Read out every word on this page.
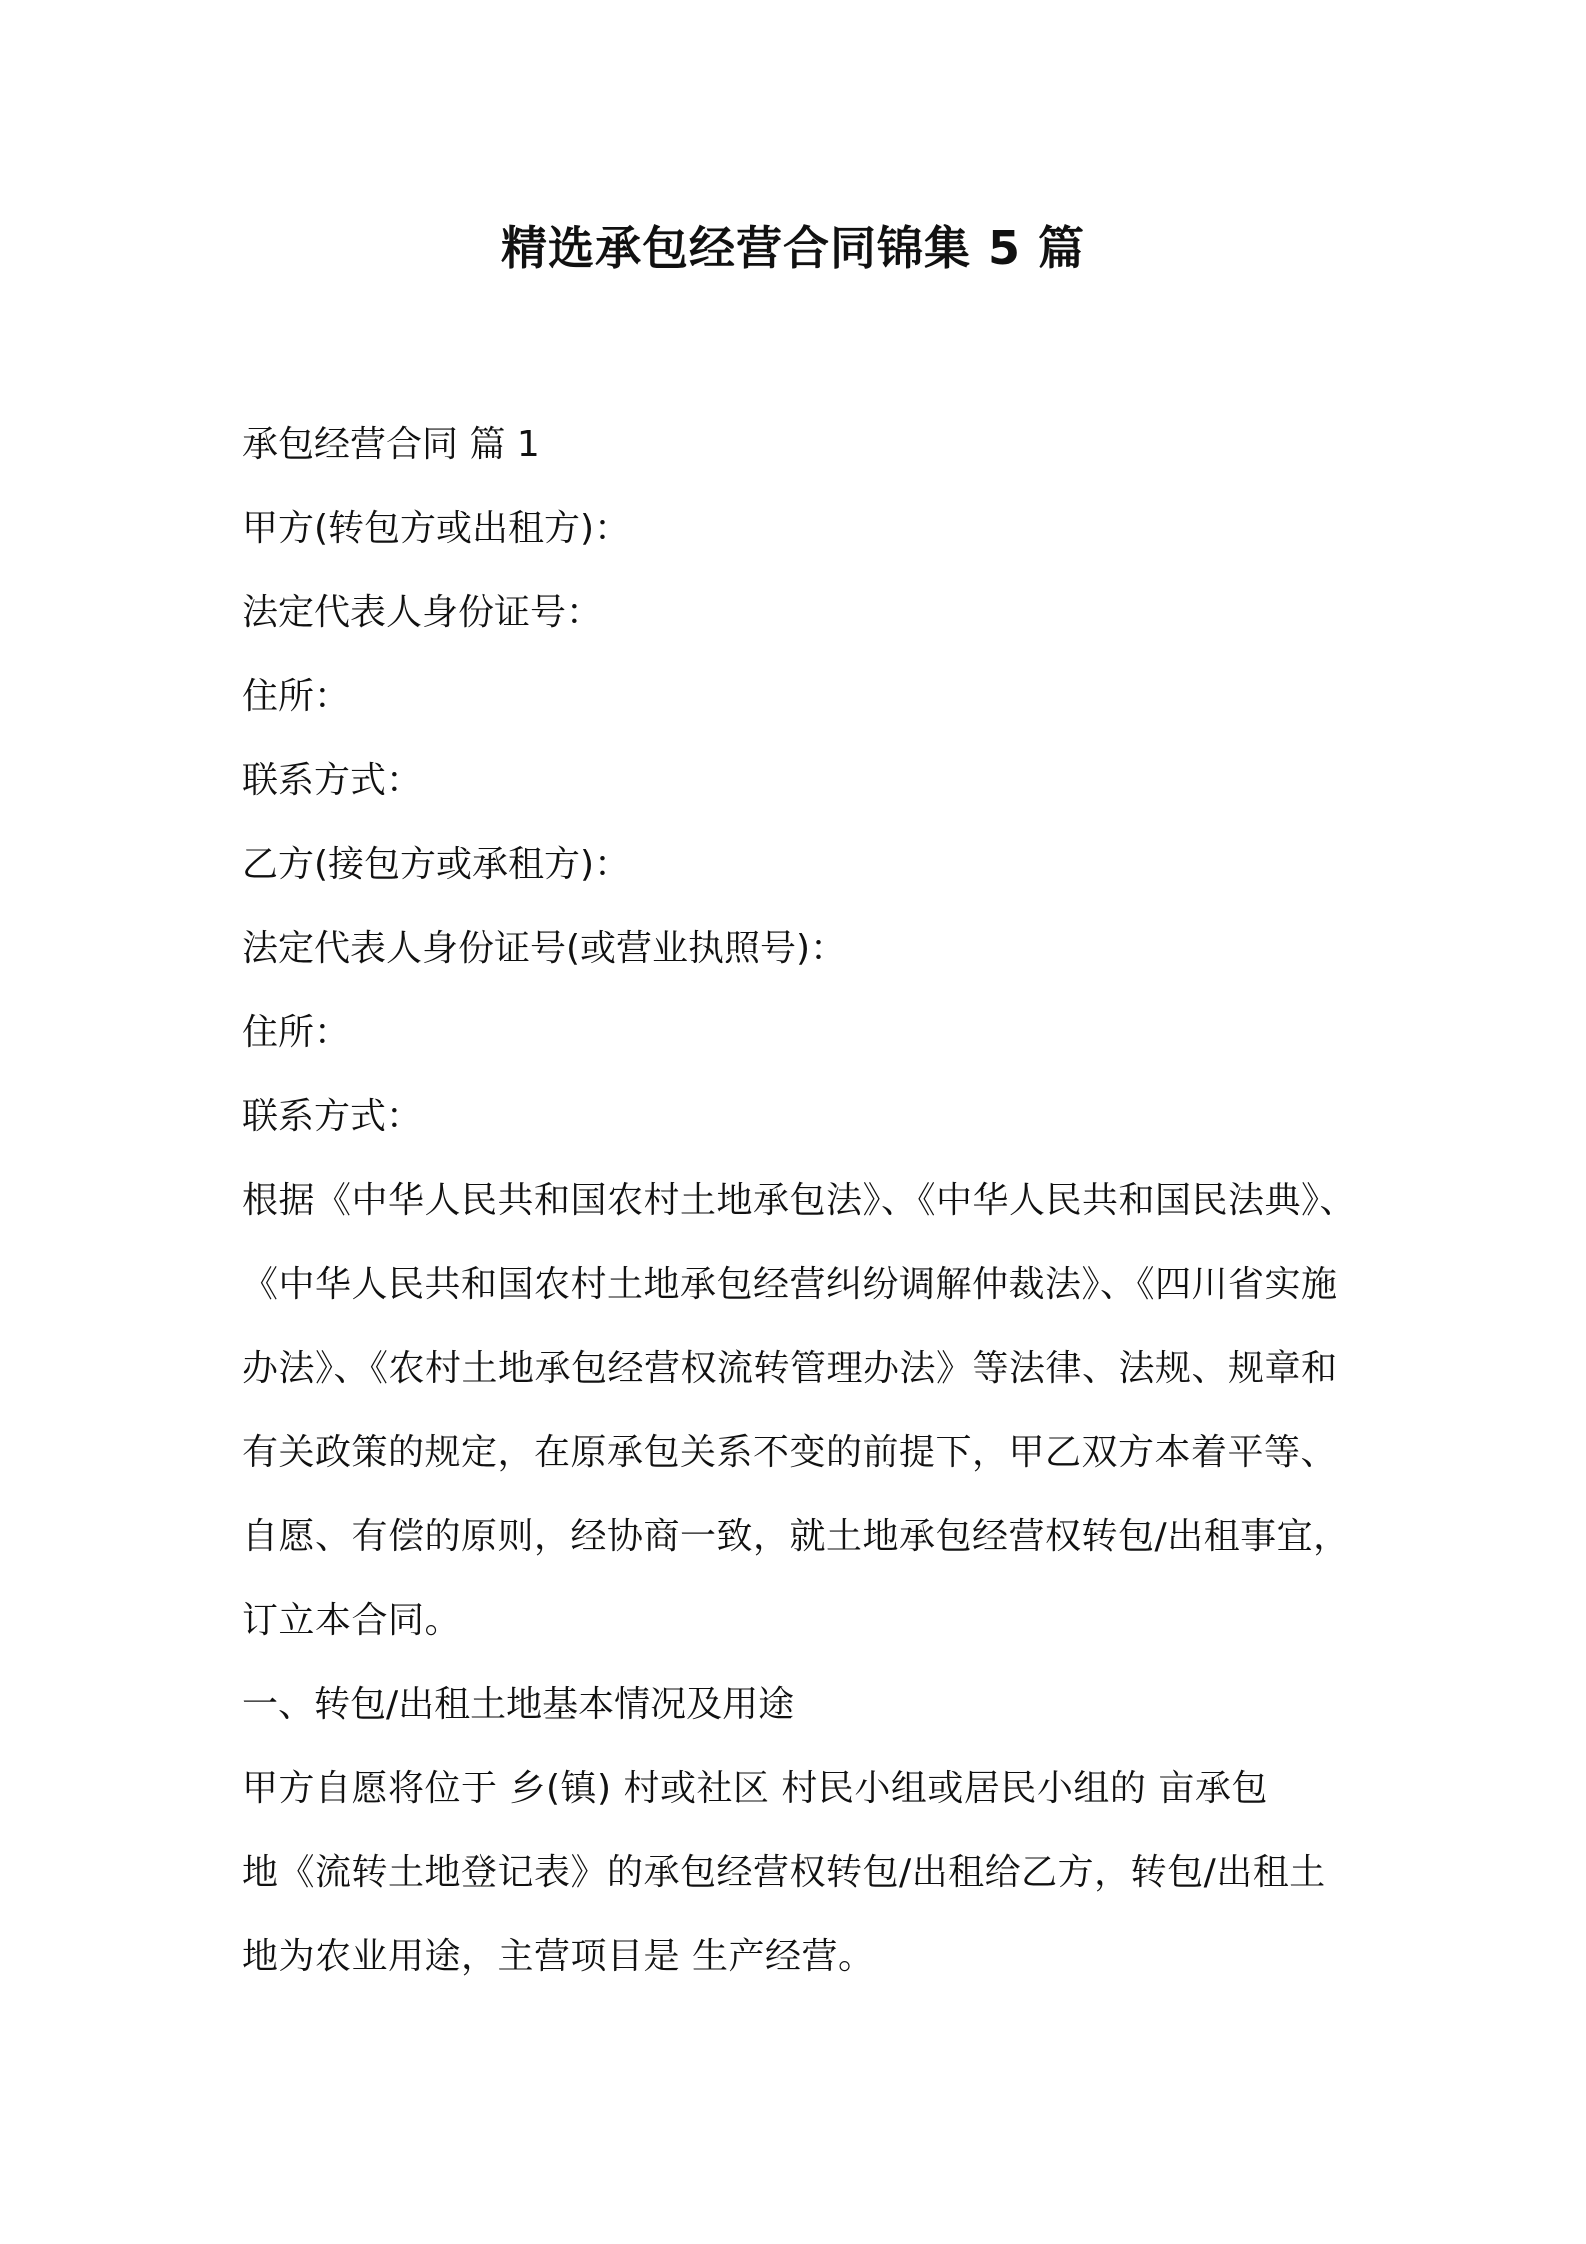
精选承包经营合同锦集 5 篇
承包经营合同 篇 1
甲方(转包方或出租方)：
法定代表人身份证号：
住所：
联系方式：
乙方(接包方或承租方)：
法定代表人身份证号(或营业执照号)：
住所：
联系方式：
根据《中华人民共和国农村土地承包法》、《中华人民共和国民法典》、
《中华人民共和国农村土地承包经营纠纷调解仲裁法》、《四川省实施
办法》、《农村土地承包经营权流转管理办法》等法律、法规、规章和
有关政策的规定，在原承包关系不变的前提下，甲乙双方本着平等、
自愿、有偿的原则，经协商一致，就土地承包经营权转包/出租事宜，
订立本合同。
一、转包/出租土地基本情况及用途
甲方自愿将位于 乡(镇) 村或社区 村民小组或居民小组的 亩承包
地《流转土地登记表》的承包经营权转包/出租给乙方，转包/出租土
地为农业用途，主营项目是 生产经营。
